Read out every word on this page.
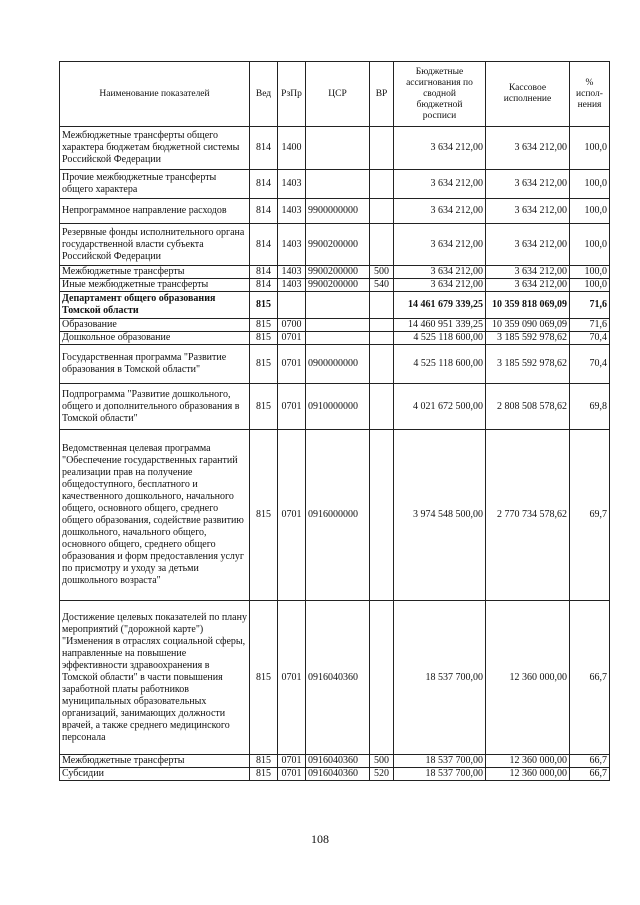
Наименование показателей	Вед	РзПр	ЦСР	ВР	Бюджетные
ассигнования по
сводной
бюджетной
росписи	Кассовое
исполнение	%
испол-
нения
Межбюджетные трансферты общего характера бюджетам бюджетной системы Российской Федерации	814	1400			3 634 212,00	3 634 212,00	100,0
Прочие межбюджетные трансферты общего характера	814	1403			3 634 212,00	3 634 212,00	100,0
Непрограммное направление расходов	814	1403	9900000000		3 634 212,00	3 634 212,00	100,0
Резервные фонды исполнительного органа государственной власти субъекта Российской Федерации	814	1403	9900200000		3 634 212,00	3 634 212,00	100,0
Межбюджетные трансферты	814	1403	9900200000	500	3 634 212,00	3 634 212,00	100,0
Иные межбюджетные трансферты	814	1403	9900200000	540	3 634 212,00	3 634 212,00	100,0
Департамент общего образования Томской области	815				14 461 679 339,25	10 359 818 069,09	71,6
Образование	815	0700			14 460 951 339,25	10 359 090 069,09	71,6
Дошкольное образование	815	0701			4 525 118 600,00	3 185 592 978,62	70,4
Государственная программа "Развитие образования в Томской области"	815	0701	0900000000		4 525 118 600,00	3 185 592 978,62	70,4
Подпрограмма "Развитие дошкольного, общего и дополнительного образования в Томской области"	815	0701	0910000000		4 021 672 500,00	2 808 508 578,62	69,8
Ведомственная целевая программа "Обеспечение государственных гарантий реализации прав на получение общедоступного, бесплатного и качественного дошкольного, начального общего, основного общего, среднего общего образования, содействие развитию дошкольного, начального общего, основного общего, среднего общего образования и форм предоставления услуг по присмотру и уходу за детьми дошкольного возраста"	815	0701	0916000000		3 974 548 500,00	2 770 734 578,62	69,7
Достижение целевых показателей по плану мероприятий ("дорожной карте") "Изменения в отраслях социальной сферы, направленные на повышение эффективности здравоохранения в Томской области" в части повышения заработной платы работников муниципальных образовательных организаций, занимающих должности врачей, а также среднего медицинского персонала	815	0701	0916040360		18 537 700,00	12 360 000,00	66,7
Межбюджетные трансферты	815	0701	0916040360	500	18 537 700,00	12 360 000,00	66,7
Субсидии	815	0701	0916040360	520	18 537 700,00	12 360 000,00	66,7
108
